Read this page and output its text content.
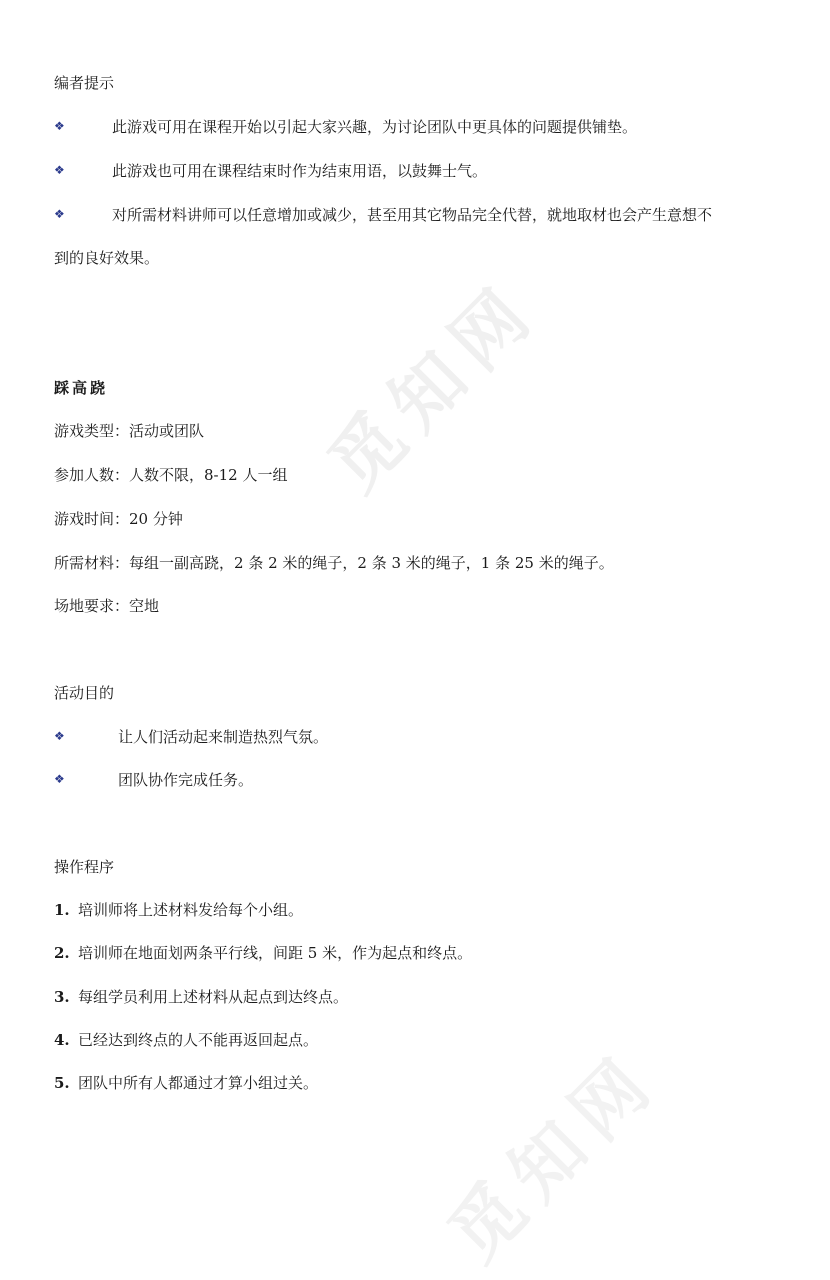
觅知网
觅知网
编者提示
❖	此游戏可用在课程开始以引起大家兴趣，为讨论团队中更具体的问题提供铺垫。
❖	此游戏也可用在课程结束时作为结束用语，以鼓舞士气。
❖	对所需材料讲师可以任意增加或减少，甚至用其它物品完全代替，就地取材也会产生意想不
到的良好效果。
踩高跷
游戏类型：活动或团队
参加人数：人数不限，8-12 人一组
游戏时间：20 分钟
所需材料：每组一副高跷，2 条 2 米的绳子，2 条 3 米的绳子，1 条 25 米的绳子。
场地要求：空地
活动目的
❖	让人们活动起来制造热烈气氛。
❖	团队协作完成任务。
操作程序
1. 培训师将上述材料发给每个小组。
2. 培训师在地面划两条平行线，间距 5 米，作为起点和终点。
3. 每组学员利用上述材料从起点到达终点。
4. 已经达到终点的人不能再返回起点。
5. 团队中所有人都通过才算小组过关。
